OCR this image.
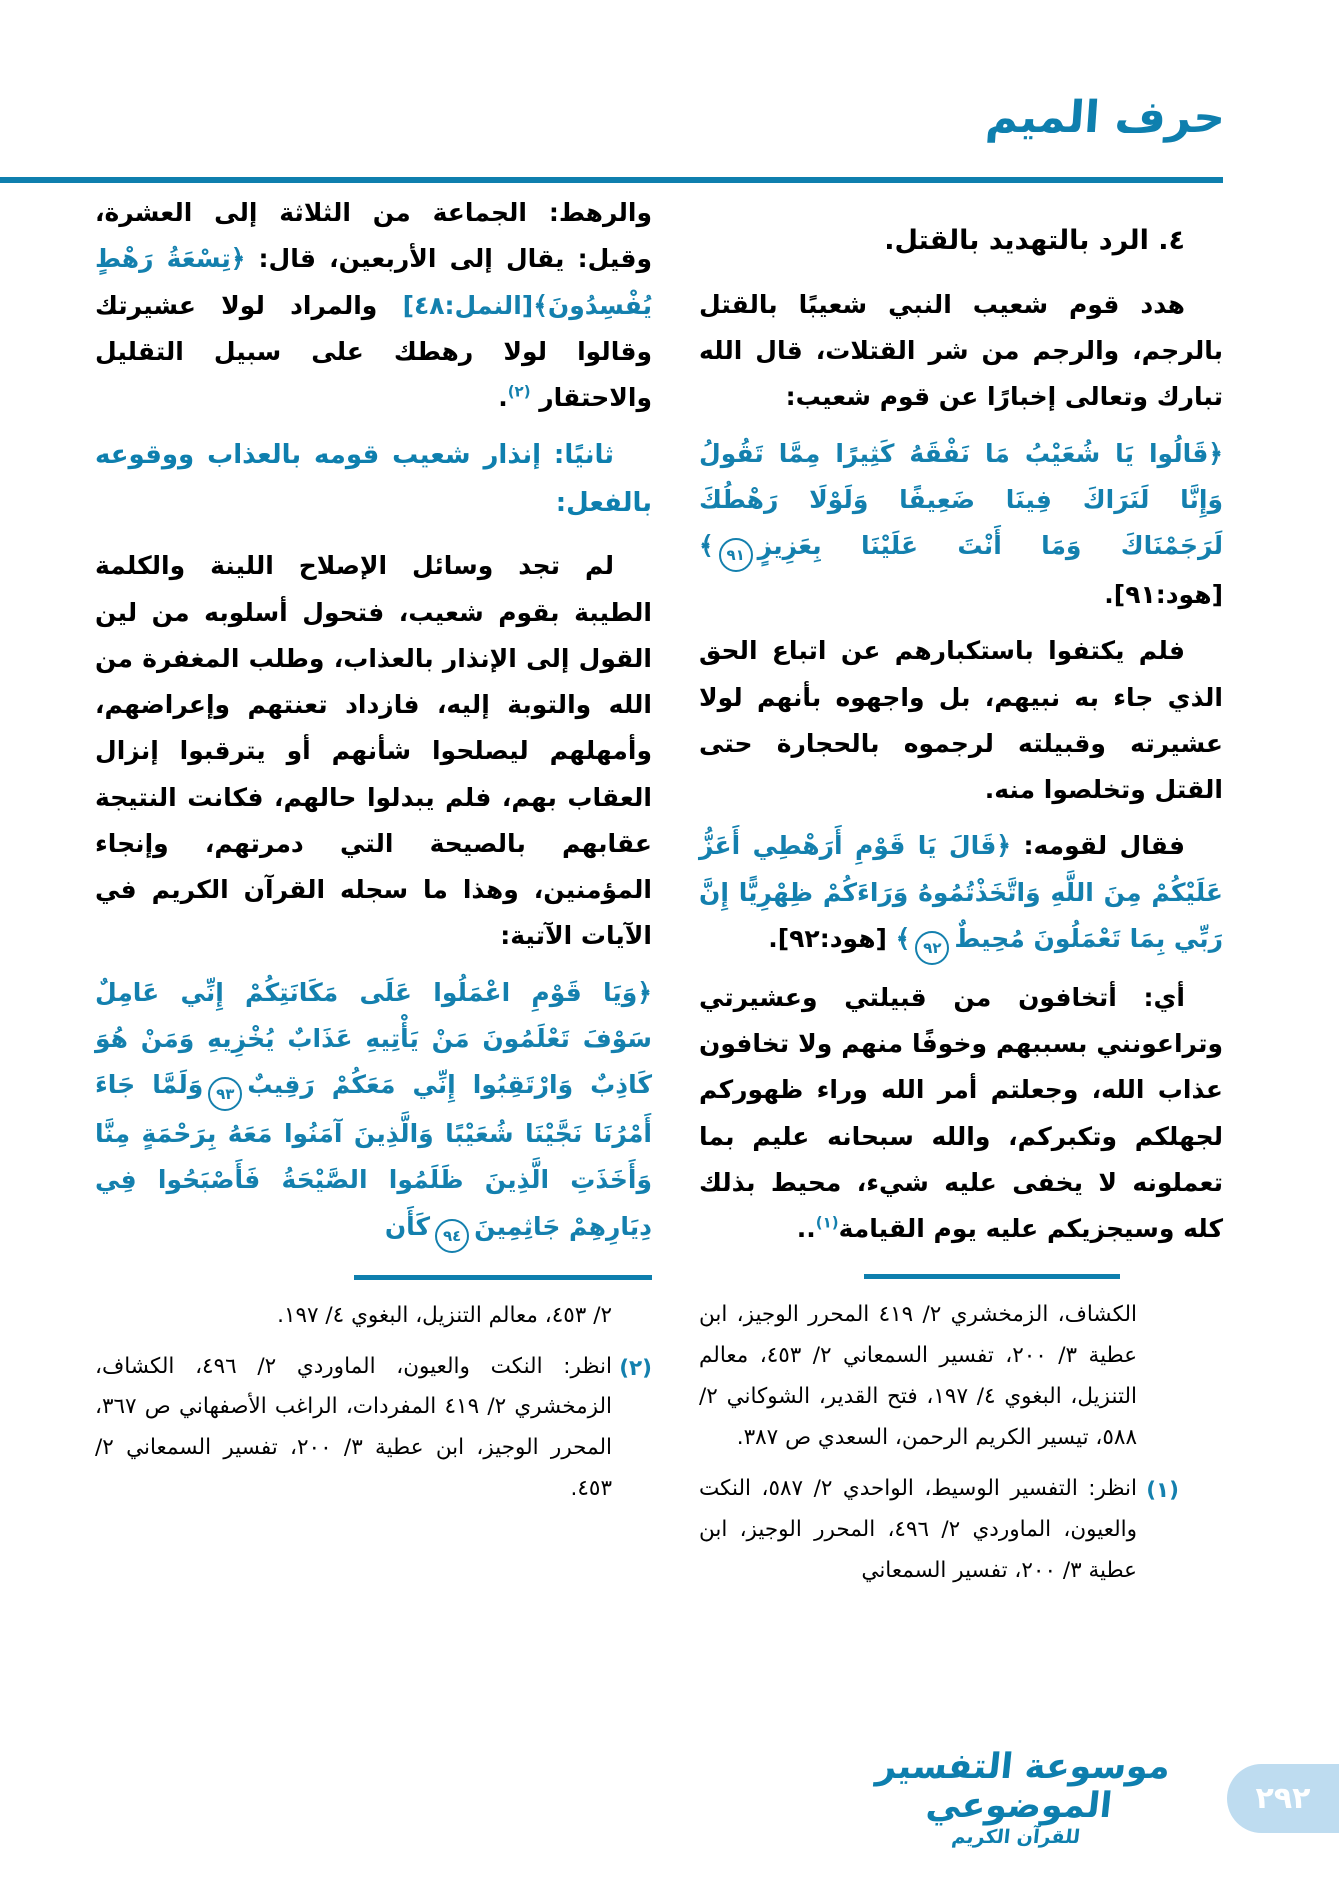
حرف الميم
٤. الرد بالتهديد بالقتل.

هدد قوم شعيب النبي شعيبًا بالقتل بالرجم، والرجم من شر القتلات، قال الله تبارك وتعالى إخبارًا عن قوم شعيب:

﴿قَالُوا يَا شُعَيْبُ مَا نَفْقَهُ كَثِيرًا مِمَّا تَقُولُ وَإِنَّا لَنَرَاكَ فِينَا ضَعِيفًا وَلَوْلَا رَهْطُكَ لَرَجَمْنَاكَ وَمَا أَنْتَ عَلَيْنَا بِعَزِيزٍ٩١﴾ [هود:٩١].

فلم يكتفوا باستكبارهم عن اتباع الحق الذي جاء به نبيهم، بل واجهوه بأنهم لولا عشيرته وقبيلته لرجموه بالحجارة حتى القتل وتخلصوا منه.

فقال لقومه: ﴿قَالَ يَا قَوْمِ أَرَهْطِي أَعَزُّ عَلَيْكُمْ مِنَ اللَّهِ وَاتَّخَذْتُمُوهُ وَرَاءَكُمْ ظِهْرِيًّا إِنَّ رَبِّي بِمَا تَعْمَلُونَ مُحِيطٌ٩٢﴾ [هود:٩٢].

أي: أتخافون من قبيلتي وعشيرتي وتراعونني بسببهم وخوفًا منهم ولا تخافون عذاب الله، وجعلتم أمر الله وراء ظهوركم لجهلكم وتكبركم، والله سبحانه عليم بما تعملونه لا يخفى عليه شيء، محيط بذلك كله وسيجزيكم عليه يوم القيامة$^{(١)}$..

الكشاف، الزمخشري ٢/ ٤١٩ المحرر الوجيز، ابن عطية ٣/ ٢٠٠، تفسير السمعاني ٢/ ٤٥٣، معالم التنزيل، البغوي ٤/ ١٩٧، فتح القدير، الشوكاني ٢/ ٥٨٨، تيسير الكريم الرحمن، السعدي ص ٣٨٧.

(١)
انظر: التفسير الوسيط، الواحدي ٢/ ٥٨٧، النكت والعيون، الماوردي ٢/ ٤٩٦، المحرر الوجيز، ابن عطية ٣/ ٢٠٠، تفسير السمعاني

والرهط: الجماعة من الثلاثة إلى العشرة، وقيل: يقال إلى الأربعين، قال: ﴿تِسْعَةُ رَهْطٍ يُفْسِدُونَ﴾[النمل:٤٨] والمراد لولا عشيرتك وقالوا لولا رهطك على سبيل التقليل والاحتقار $^{(٢)}$.

ثانيًا: إنذار شعيب قومه بالعذاب ووقوعه بالفعل:

لم تجد وسائل الإصلاح اللينة والكلمة الطيبة بقوم شعيب، فتحول أسلوبه من لين القول إلى الإنذار بالعذاب، وطلب المغفرة من الله والتوبة إليه، فازداد تعنتهم وإعراضهم، وأمهلهم ليصلحوا شأنهم أو يترقبوا إنزال العقاب بهم، فلم يبدلوا حالهم، فكانت النتيجة عقابهم بالصيحة التي دمرتهم، وإنجاء المؤمنين، وهذا ما سجله القرآن الكريم في الآيات الآتية:

﴿وَيَا قَوْمِ اعْمَلُوا عَلَى مَكَانَتِكُمْ إِنِّي عَامِلٌ سَوْفَ تَعْلَمُونَ مَنْ يَأْتِيهِ عَذَابٌ يُخْزِيهِ وَمَنْ هُوَ كَاذِبٌ وَارْتَقِبُوا إِنِّي مَعَكُمْ رَقِيبٌ٩٣وَلَمَّا جَاءَ أَمْرُنَا نَجَّيْنَا شُعَيْبًا وَالَّذِينَ آمَنُوا مَعَهُ بِرَحْمَةٍ مِنَّا وَأَخَذَتِ الَّذِينَ ظَلَمُوا الصَّيْحَةُ فَأَصْبَحُوا فِي دِيَارِهِمْ جَاثِمِينَ٩٤كَأَن

٢/ ٤٥٣، معالم التنزيل، البغوي ٤/ ١٩٧.

(٢)
انظر: النكت والعيون، الماوردي ٢/ ٤٩٦، الكشاف، الزمخشري ٢/ ٤١٩ المفردات، الراغب الأصفهاني ص ٣٦٧، المحرر الوجيز، ابن عطية ٣/ ٢٠٠، تفسير السمعاني ٢/ ٤٥٣.

موسوعة التفسير الموضوعي
للقرآن الكريم
٢٩٢
